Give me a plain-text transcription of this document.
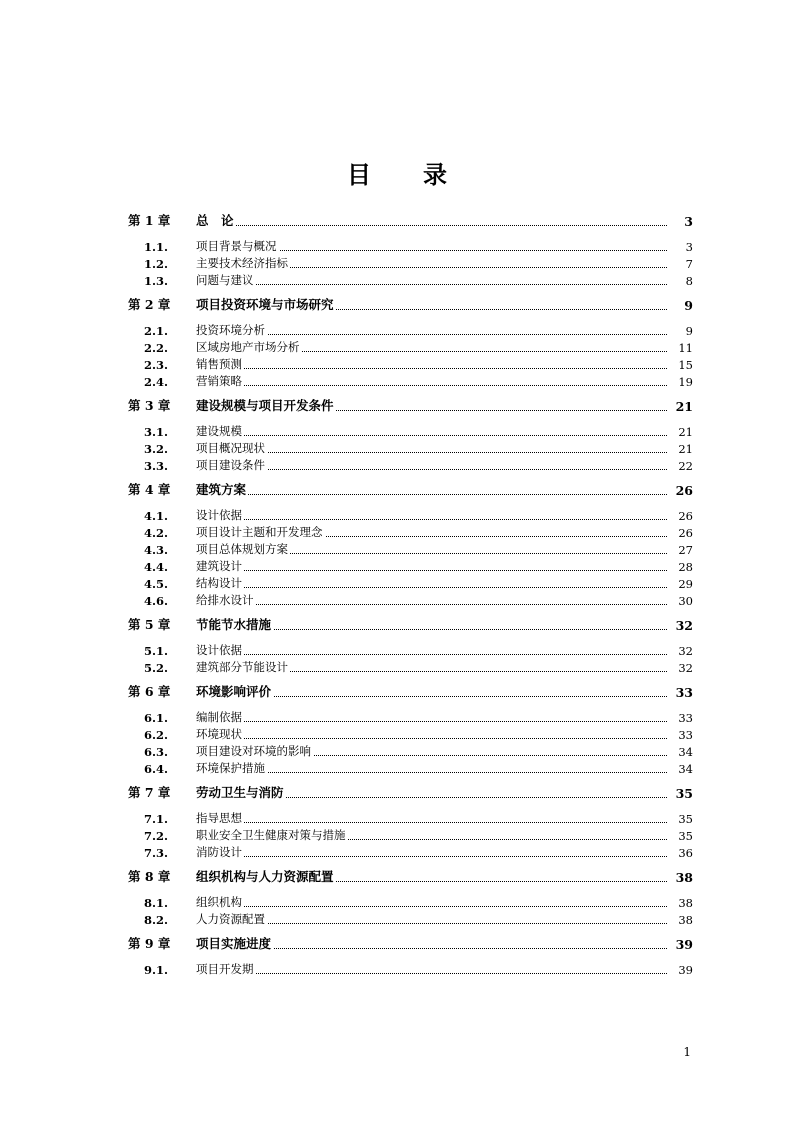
目 录
第 1 章 总　论	3
1.1. 项目背景与概况	3
1.2. 主要技术经济指标	7
1.3. 问题与建议	8
第 2 章 项目投资环境与市场研究	9
2.1. 投资环境分析	9
2.2. 区域房地产市场分析	11
2.3. 销售预测	15
2.4. 营销策略	19
第 3 章 建设规模与项目开发条件	21
3.1. 建设规模	21
3.2. 项目概况现状	21
3.3. 项目建设条件	22
第 4 章 建筑方案	26
4.1. 设计依据	26
4.2. 项目设计主题和开发理念	26
4.3. 项目总体规划方案	27
4.4. 建筑设计	28
4.5. 结构设计	29
4.6. 给排水设计	30
第 5 章 节能节水措施	32
5.1. 设计依据	32
5.2. 建筑部分节能设计	32
第 6 章 环境影响评价	33
6.1. 编制依据	33
6.2. 环境现状	33
6.3. 项目建设对环境的影响	34
6.4. 环境保护措施	34
第 7 章 劳动卫生与消防	35
7.1. 指导思想	35
7.2. 职业安全卫生健康对策与措施	35
7.3. 消防设计	36
第 8 章 组织机构与人力资源配置	38
8.1. 组织机构	38
8.2. 人力资源配置	38
第 9 章 项目实施进度	39
9.1. 项目开发期	39
1
